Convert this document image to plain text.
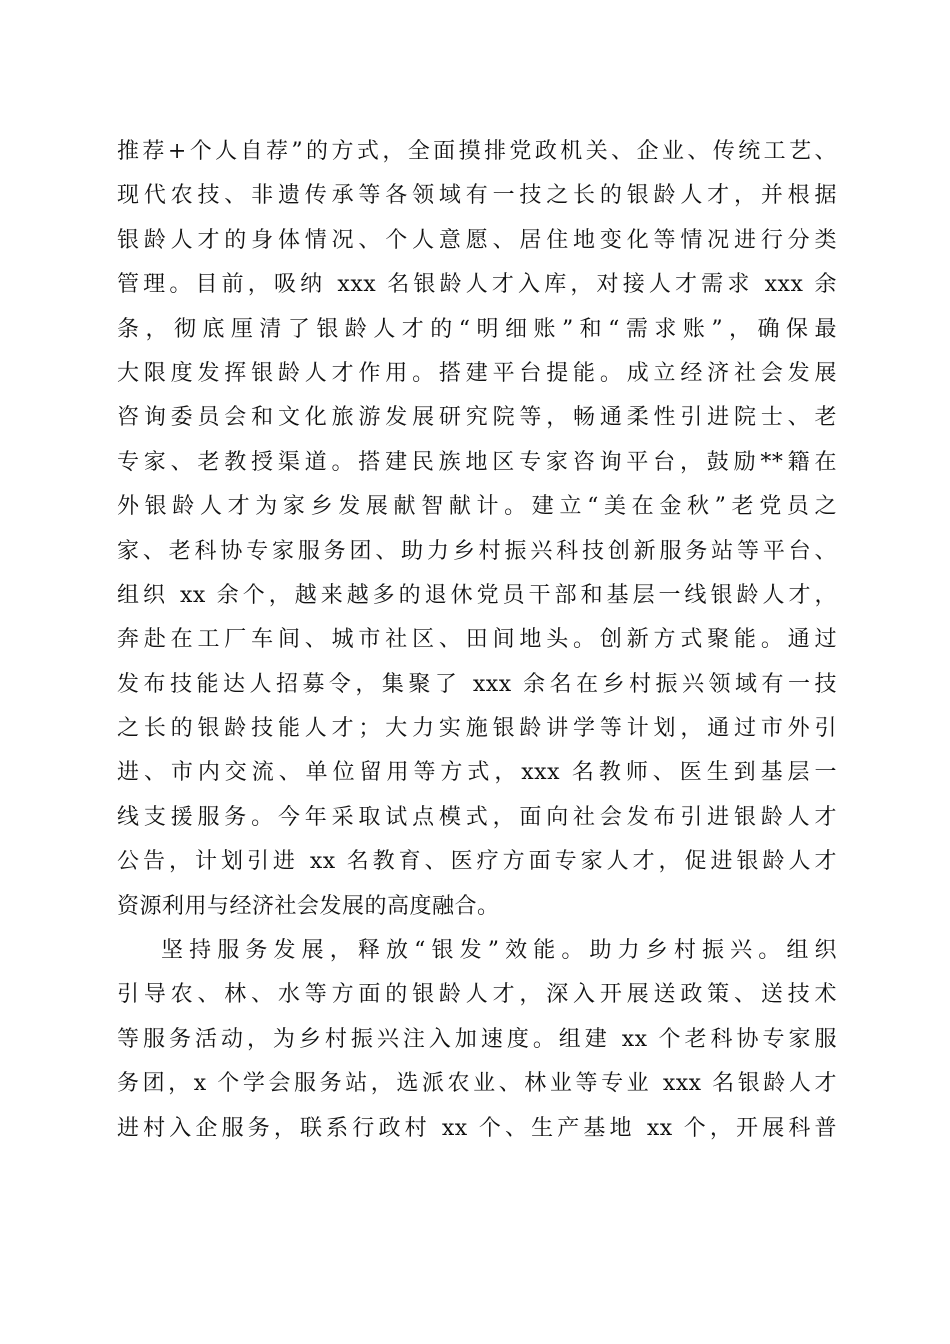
推荐+个人自荐”的方式，全面摸排党政机关、企业、传统工艺、
现代农技、非遗传承等各领域有一技之长的银龄人才，并根据
银龄人才的身体情况、个人意愿、居住地变化等情况进行分类
管理。目前，吸纳 xxx 名银龄人才入库，对接人才需求 xxx 余
条，彻底厘清了银龄人才的“明细账”和“需求账”，确保最
大限度发挥银龄人才作用。搭建平台提能。成立经济社会发展
咨询委员会和文化旅游发展研究院等，畅通柔性引进院士、老
专家、老教授渠道。搭建民族地区专家咨询平台，鼓励**籍在
外银龄人才为家乡发展献智献计。建立“美在金秋”老党员之
家、老科协专家服务团、助力乡村振兴科技创新服务站等平台、
组织 xx 余个，越来越多的退休党员干部和基层一线银龄人才，
奔赴在工厂车间、城市社区、田间地头。创新方式聚能。通过
发布技能达人招募令，集聚了 xxx 余名在乡村振兴领域有一技
之长的银龄技能人才；大力实施银龄讲学等计划，通过市外引
进、市内交流、单位留用等方式，xxx 名教师、医生到基层一
线支援服务。今年采取试点模式，面向社会发布引进银龄人才
公告，计划引进 xx 名教育、医疗方面专家人才，促进银龄人才
资源利用与经济社会发展的高度融合。
坚持服务发展，释放“银发”效能。助力乡村振兴。组织
引导农、林、水等方面的银龄人才，深入开展送政策、送技术
等服务活动，为乡村振兴注入加速度。组建 xx 个老科协专家服
务团，x 个学会服务站，选派农业、林业等专业 xxx 名银龄人才
进村入企服务，联系行政村 xx 个、生产基地 xx 个，开展科普
